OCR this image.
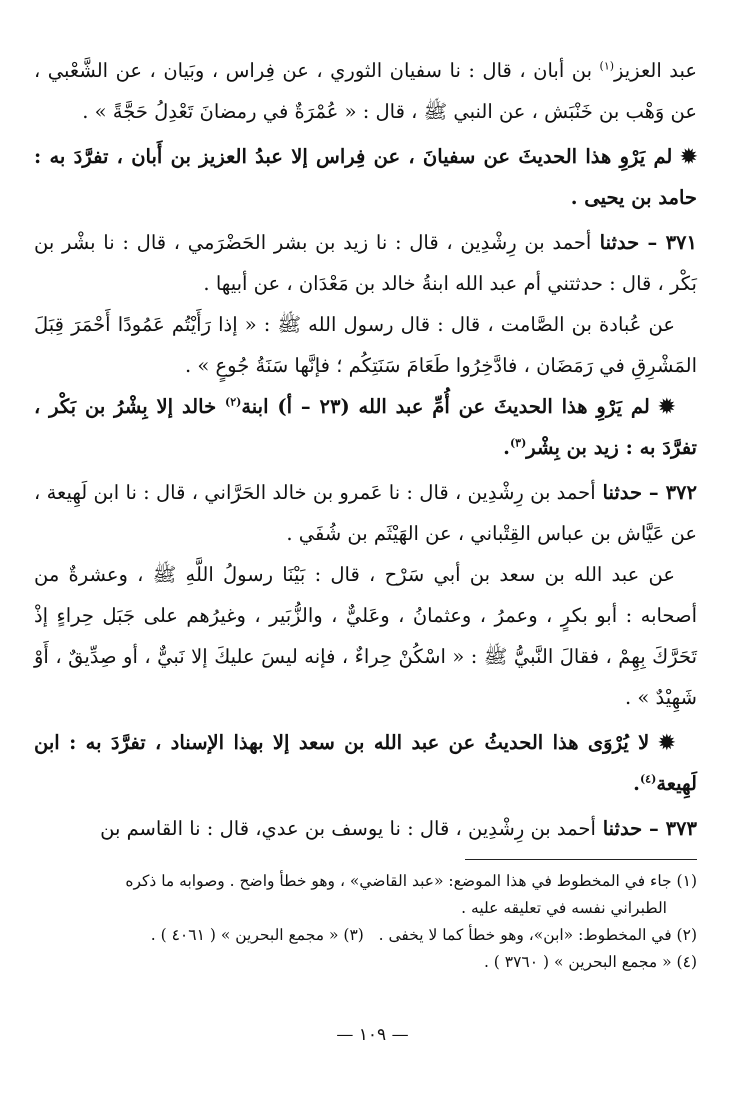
عبد العزيز$^{(١)}$ بن أبان ، قال : نا سفيان الثوري ، عن فِراس ، وبَيان ، عن الشَّعْبي ، عن وَهْب بن خَنْبَش ، عن النبي ﷺ ، قال : « عُمْرَةٌ في رمضانَ تَعْدِلُ حَجَّةً » .

✹ لم يَرْوِ هذا الحديثَ عن سفيانَ ، عن فِراس إلا عبدُ العزيز بن أَبان ، تفرَّدَ به : حامد بن يحيى .

٣٧١ – حدثنا أحمد بن رِشْدِين ، قال : نا زيد بن بشر الحَضْرَمي ، قال : نا بشْر بن بَكْر ، قال : حدثتني أم عبد الله ابنةُ خالد بن مَعْدَان ، عن أبيها .

عن عُبادة بن الصَّامت ، قال : قال رسول الله ﷺ : « إذا رَأَيْتُم عَمُودًا أَحْمَرَ قِبَلَ المَشْرِقِ في رَمَضَان ، فادَّخِرُوا طَعَامَ سَنَتِكُم ؛ فإنَّها سَنَةُ جُوعٍ » .

✹ لم يَرْوِ هذا الحديثَ عن أُمِّ عبد الله (٢٣ – أ) ابنة$^{(٢)}$ خالد إلا بِشْرُ بن بَكْر ، تفرَّدَ به : زيد بن بِشْر$^{(٣)}$.

٣٧٢ – حدثنا أحمد بن رِشْدِين ، قال : نا عَمرو بن خالد الحَرَّاني ، قال : نا ابن لَهِيعة ، عن عَيَّاش بن عباس القِتْباني ، عن الهَيْثَم بن شُفَي .

عن عبد الله بن سعد بن أبي سَرْح ، قال : بَيْنَا رسولُ اللَّهِ ﷺ ، وعشرةٌ من أصحابه : أبو بكرٍ ، وعمرُ ، وعثمانُ ، وعَليٌّ ، والزُّبَير ، وغيرُهم على جَبَل حِراءٍ إذْ تَحَرَّكَ بِهِمْ ، فقالَ النَّبيُّ ﷺ : « اسْكُنْ حِراءٌ ، فإنه ليسَ عليكَ إلا نَبيٌّ ، أو صِدِّيقٌ ، أَوْ شَهِيْدٌ » .

✹ لا يُرْوَى هذا الحديثُ عن عبد الله بن سعد إلا بهذا الإسناد ، تفرَّدَ به : ابن لَهِيعة$^{(٤)}$.

٣٧٣ – حدثنا أحمد بن رِشْدِين ، قال : نا يوسف بن عدي، قال : نا القاسم بن

(١) جاء في المخطوط في هذا الموضع: «عبد القاضي» ، وهو خطأ واضح . وصوابه ما ذكره

الطبراني نفسه في تعليقه عليه .

(٢) في المخطوط: «ابن»، وهو خطأ كما لا يخفى .   (٣) « مجمع البحرين » ( ٤٠٦١ ) .

(٤) « مجمع البحرين » ( ٣٧٦٠ ) .

— ١٠٩ —
